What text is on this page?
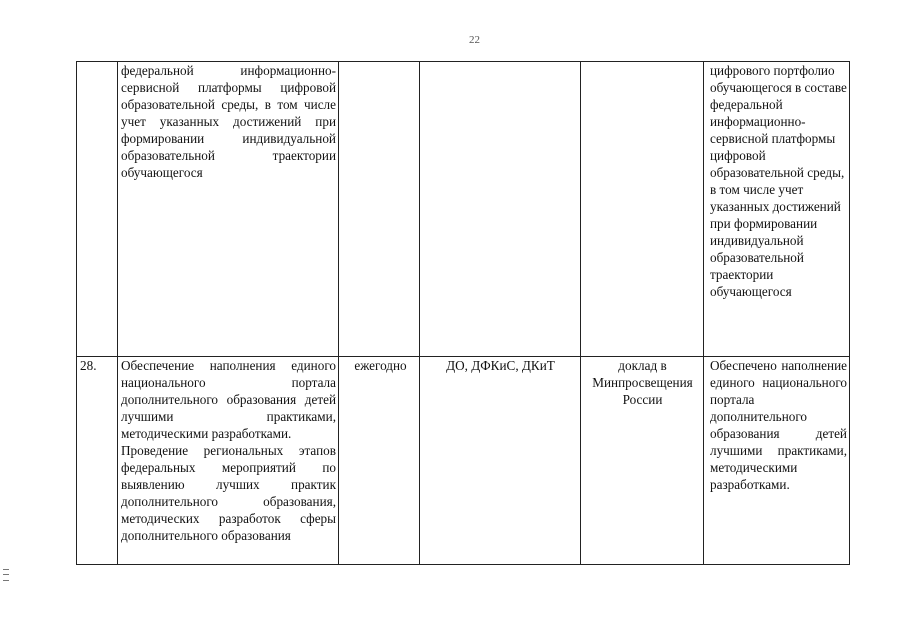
22

	федеральной информационно-сервисной платформы цифровой образовательной среды, в том числе учет указанных достижений при формировании индивидуальной образовательной траектории обучающегося				цифрового портфолио обучающегося в составе федеральной информационно-сервисной платформы цифровой образовательной среды, в том числе учет указанных достижений при формировании индивидуальной образовательной траектории обучающегося
28.	Обеспечение наполнения единого национального портала дополнительного образования детей лучшими практиками, методическими разработками.
Проведение региональных этапов федеральных мероприятий по выявлению лучших практик дополнительного образования, методических разработок сферы дополнительного образования	ежегодно	ДО, ДФКиС, ДКиТ	доклад в Минпросвещения России	Обеспечено наполнение единого национального портала дополнительного образования детей лучшими практиками, методическими разработками.
